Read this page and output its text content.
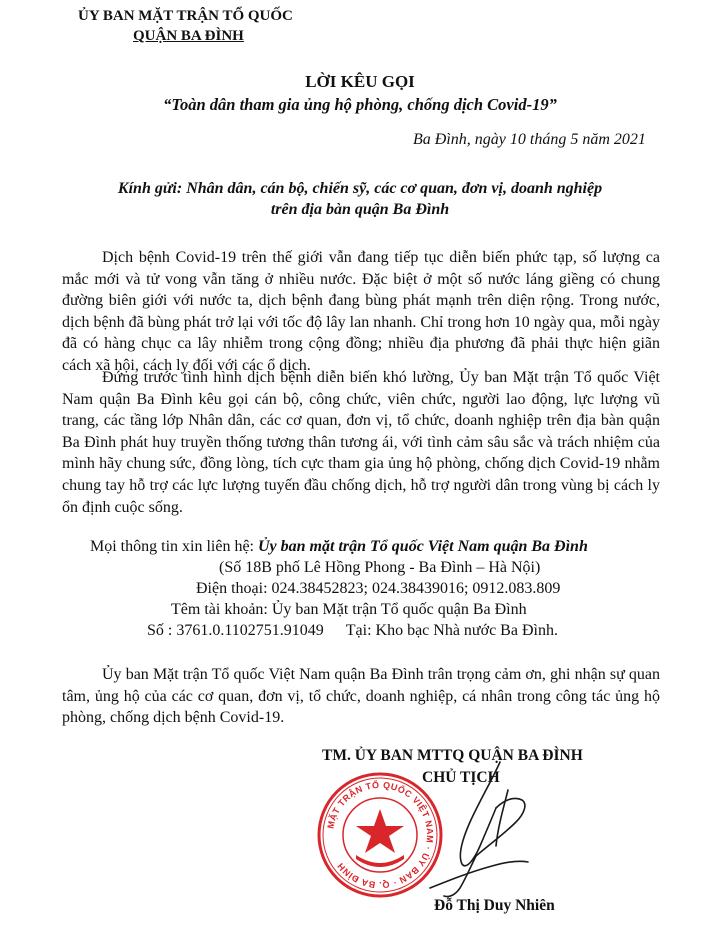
ỦY BAN MẶT TRẬN TỔ QUỐC
QUẬN BA ĐÌNH
LỜI KÊU GỌI
“Toàn dân tham gia ủng hộ phòng, chống dịch Covid-19”
Ba Đình, ngày 10 tháng 5 năm 2021
Kính gửi: Nhân dân, cán bộ, chiến sỹ, các cơ quan, đơn vị, doanh nghiệp
trên địa bàn quận Ba Đình

Dịch bệnh Covid-19 trên thế giới vẫn đang tiếp tục diễn biến phức tạp, số lượng ca mắc mới và tử vong vẫn tăng ở nhiều nước. Đặc biệt ở một số nước láng giềng có chung đường biên giới với nước ta, dịch bệnh đang bùng phát mạnh trên diện rộng. Trong nước, dịch bệnh đã bùng phát trở lại với tốc độ lây lan nhanh. Chỉ trong hơn 10 ngày qua, mỗi ngày đã có hàng chục ca lây nhiễm trong cộng đồng; nhiều địa phương đã phải thực hiện giãn cách xã hội, cách ly đối với các ổ dịch.

Đứng trước tình hình dịch bệnh diễn biến khó lường, Ủy ban Mặt trận Tổ quốc Việt Nam quận Ba Đình kêu gọi cán bộ, công chức, viên chức, người lao động, lực lượng vũ trang, các tầng lớp Nhân dân, các cơ quan, đơn vị, tổ chức, doanh nghiệp trên địa bàn quận Ba Đình phát huy truyền thống tương thân tương ái, với tình cảm sâu sắc và trách nhiệm của mình hãy chung sức, đồng lòng, tích cực tham gia ủng hộ phòng, chống dịch Covid-19 nhằm chung tay hỗ trợ các lực lượng tuyến đầu chống dịch, hỗ trợ người dân trong vùng bị cách ly ổn định cuộc sống.

Mọi thông tin xin liên hệ: Ủy ban mặt trận Tổ quốc Việt Nam quận Ba Đình
(Số 18B phố Lê Hồng Phong - Ba Đình – Hà Nội)
Điện thoại: 024.38452823; 024.38439016; 0912.083.809
Têm tài khoản: Ủy ban Mặt trận Tổ quốc quận Ba Đình
Số : 3761.0.1102751.91049 Tại: Kho bạc Nhà nước Ba Đình.

Ủy ban Mặt trận Tổ quốc Việt Nam quận Ba Đình trân trọng cảm ơn, ghi nhận sự quan tâm, ủng hộ của các cơ quan, đơn vị, tổ chức, doanh nghiệp, cá nhân trong công tác ủng hộ phòng, chống dịch bệnh Covid-19.

TM. ỦY BAN MTTQ QUẬN BA ĐÌNH
CHỦ TỊCH
MẶT TRẬN TỔ QUỐC VIỆT NAM · ỦY BAN · Q. BA ĐÌNH
Đỗ Thị Duy Nhiên
